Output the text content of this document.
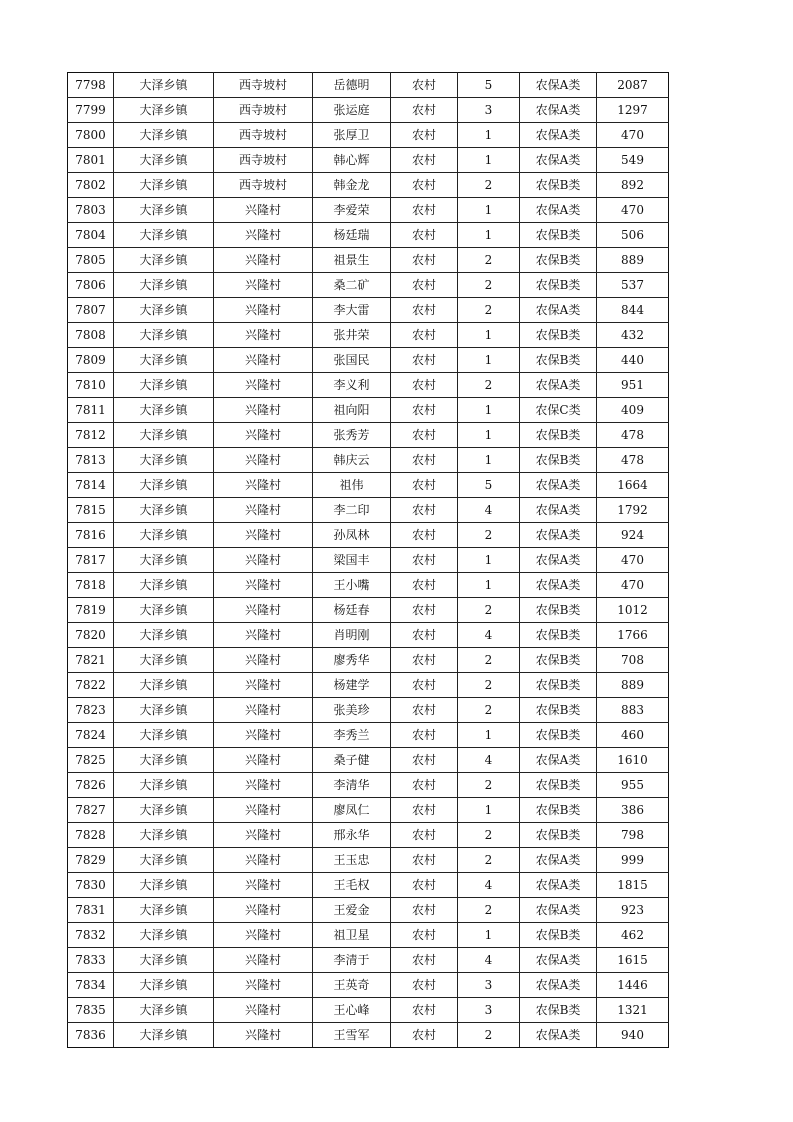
7798	大泽乡镇	西寺坡村	岳德明	农村	5	农保A类	2087
7799	大泽乡镇	西寺坡村	张运庭	农村	3	农保A类	1297
7800	大泽乡镇	西寺坡村	张厚卫	农村	1	农保A类	470
7801	大泽乡镇	西寺坡村	韩心辉	农村	1	农保A类	549
7802	大泽乡镇	西寺坡村	韩金龙	农村	2	农保B类	892
7803	大泽乡镇	兴隆村	李爱荣	农村	1	农保A类	470
7804	大泽乡镇	兴隆村	杨廷瑞	农村	1	农保B类	506
7805	大泽乡镇	兴隆村	祖景生	农村	2	农保B类	889
7806	大泽乡镇	兴隆村	桑二矿	农村	2	农保B类	537
7807	大泽乡镇	兴隆村	李大雷	农村	2	农保A类	844
7808	大泽乡镇	兴隆村	张井荣	农村	1	农保B类	432
7809	大泽乡镇	兴隆村	张国民	农村	1	农保B类	440
7810	大泽乡镇	兴隆村	李义利	农村	2	农保A类	951
7811	大泽乡镇	兴隆村	祖向阳	农村	1	农保C类	409
7812	大泽乡镇	兴隆村	张秀芳	农村	1	农保B类	478
7813	大泽乡镇	兴隆村	韩庆云	农村	1	农保B类	478
7814	大泽乡镇	兴隆村	祖伟	农村	5	农保A类	1664
7815	大泽乡镇	兴隆村	李二印	农村	4	农保A类	1792
7816	大泽乡镇	兴隆村	孙凤林	农村	2	农保A类	924
7817	大泽乡镇	兴隆村	梁国丰	农村	1	农保A类	470
7818	大泽乡镇	兴隆村	王小嘴	农村	1	农保A类	470
7819	大泽乡镇	兴隆村	杨廷春	农村	2	农保B类	1012
7820	大泽乡镇	兴隆村	肖明刚	农村	4	农保B类	1766
7821	大泽乡镇	兴隆村	廖秀华	农村	2	农保B类	708
7822	大泽乡镇	兴隆村	杨建学	农村	2	农保B类	889
7823	大泽乡镇	兴隆村	张美珍	农村	2	农保B类	883
7824	大泽乡镇	兴隆村	李秀兰	农村	1	农保B类	460
7825	大泽乡镇	兴隆村	桑子健	农村	4	农保A类	1610
7826	大泽乡镇	兴隆村	李清华	农村	2	农保B类	955
7827	大泽乡镇	兴隆村	廖凤仁	农村	1	农保B类	386
7828	大泽乡镇	兴隆村	邢永华	农村	2	农保B类	798
7829	大泽乡镇	兴隆村	王玉忠	农村	2	农保A类	999
7830	大泽乡镇	兴隆村	王毛权	农村	4	农保A类	1815
7831	大泽乡镇	兴隆村	王爱金	农村	2	农保A类	923
7832	大泽乡镇	兴隆村	祖卫星	农村	1	农保B类	462
7833	大泽乡镇	兴隆村	李清于	农村	4	农保A类	1615
7834	大泽乡镇	兴隆村	王英奇	农村	3	农保A类	1446
7835	大泽乡镇	兴隆村	王心峰	农村	3	农保B类	1321
7836	大泽乡镇	兴隆村	王雪军	农村	2	农保A类	940
